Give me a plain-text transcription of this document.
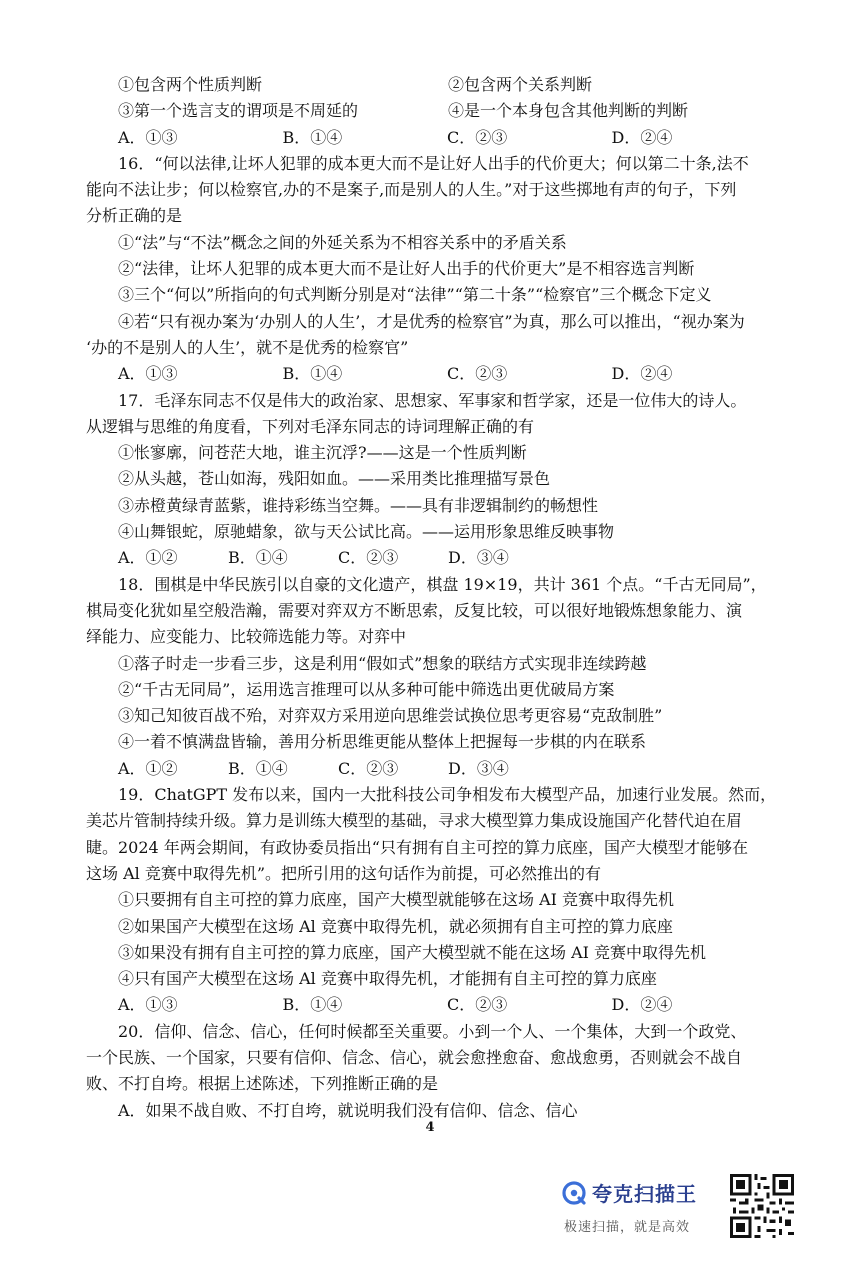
①包含两个性质判断	②包含两个关系判断
③第一个选言支的谓项是不周延的	④是一个本身包含其他判断的判断
A．①③	B．①④	C．②③	D．②④
16．“何以法律,让坏人犯罪的成本更大而不是让好人出手的代价更大；何以第二十条,法不
能向不法让步；何以检察官,办的不是案子,而是别人的人生。”对于这些掷地有声的句子，下列
分析正确的是
①“法”与“不法”概念之间的外延关系为不相容关系中的矛盾关系
②“法律，让坏人犯罪的成本更大而不是让好人出手的代价更大”是不相容选言判断
③三个“何以”所指向的句式判断分别是对“法律”“第二十条”“检察官”三个概念下定义
④若“只有视办案为‘办别人的人生’，才是优秀的检察官”为真，那么可以推出，“视办案为
‘办的不是别人的人生’，就不是优秀的检察官”
A．①③	B．①④	C．②③	D．②④
17．毛泽东同志不仅是伟大的政治家、思想家、军事家和哲学家，还是一位伟大的诗人。
从逻辑与思维的角度看，下列对毛泽东同志的诗词理解正确的有
①怅寥廓，问苍茫大地，谁主沉浮?——这是一个性质判断
②从头越，苍山如海，残阳如血。——采用类比推理描写景色
③赤橙黄绿青蓝紫，谁持彩练当空舞。——具有非逻辑制约的畅想性
④山舞银蛇，原驰蜡象，欲与天公试比高。——运用形象思维反映事物
A．①②	B．①④	C．②③	D．③④
18．围棋是中华民族引以自豪的文化遗产，棋盘 19×19，共计 361 个点。“千古无同局”，
棋局变化犹如星空般浩瀚，需要对弈双方不断思索，反复比较，可以很好地锻炼想象能力、演
绎能力、应变能力、比较筛选能力等。对弈中
①落子时走一步看三步，这是利用“假如式”想象的联结方式实现非连续跨越
②“千古无同局”，运用选言推理可以从多种可能中筛选出更优破局方案
③知己知彼百战不殆，对弈双方采用逆向思维尝试换位思考更容易“克敌制胜”
④一着不慎满盘皆输，善用分析思维更能从整体上把握每一步棋的内在联系
A．①②	B．①④	C．②③	D．③④
19．ChatGPT 发布以来，国内一大批科技公司争相发布大模型产品，加速行业发展。然而，
美芯片管制持续升级。算力是训练大模型的基础，寻求大模型算力集成设施国产化替代迫在眉
睫。2024 年两会期间，有政协委员指出“只有拥有自主可控的算力底座，国产大模型才能够在
这场 Al 竞赛中取得先机”。把所引用的这句话作为前提，可必然推出的有
①只要拥有自主可控的算力底座，国产大模型就能够在这场 AI 竞赛中取得先机
②如果国产大模型在这场 Al 竞赛中取得先机，就必须拥有自主可控的算力底座
③如果没有拥有自主可控的算力底座，国产大模型就不能在这场 AI 竞赛中取得先机
④只有国产大模型在这场 Al 竞赛中取得先机，才能拥有自主可控的算力底座
A．①③	B．①④	C．②③	D．②④
20．信仰、信念、信心，任何时候都至关重要。小到一个人、一个集体，大到一个政党、
一个民族、一个国家，只要有信仰、信念、信心，就会愈挫愈奋、愈战愈勇，否则就会不战自
败、不打自垮。根据上述陈述，下列推断正确的是
A．如果不战自败、不打自垮，就说明我们没有信仰、信念、信心
4
夸克扫描王
极速扫描，就是高效
